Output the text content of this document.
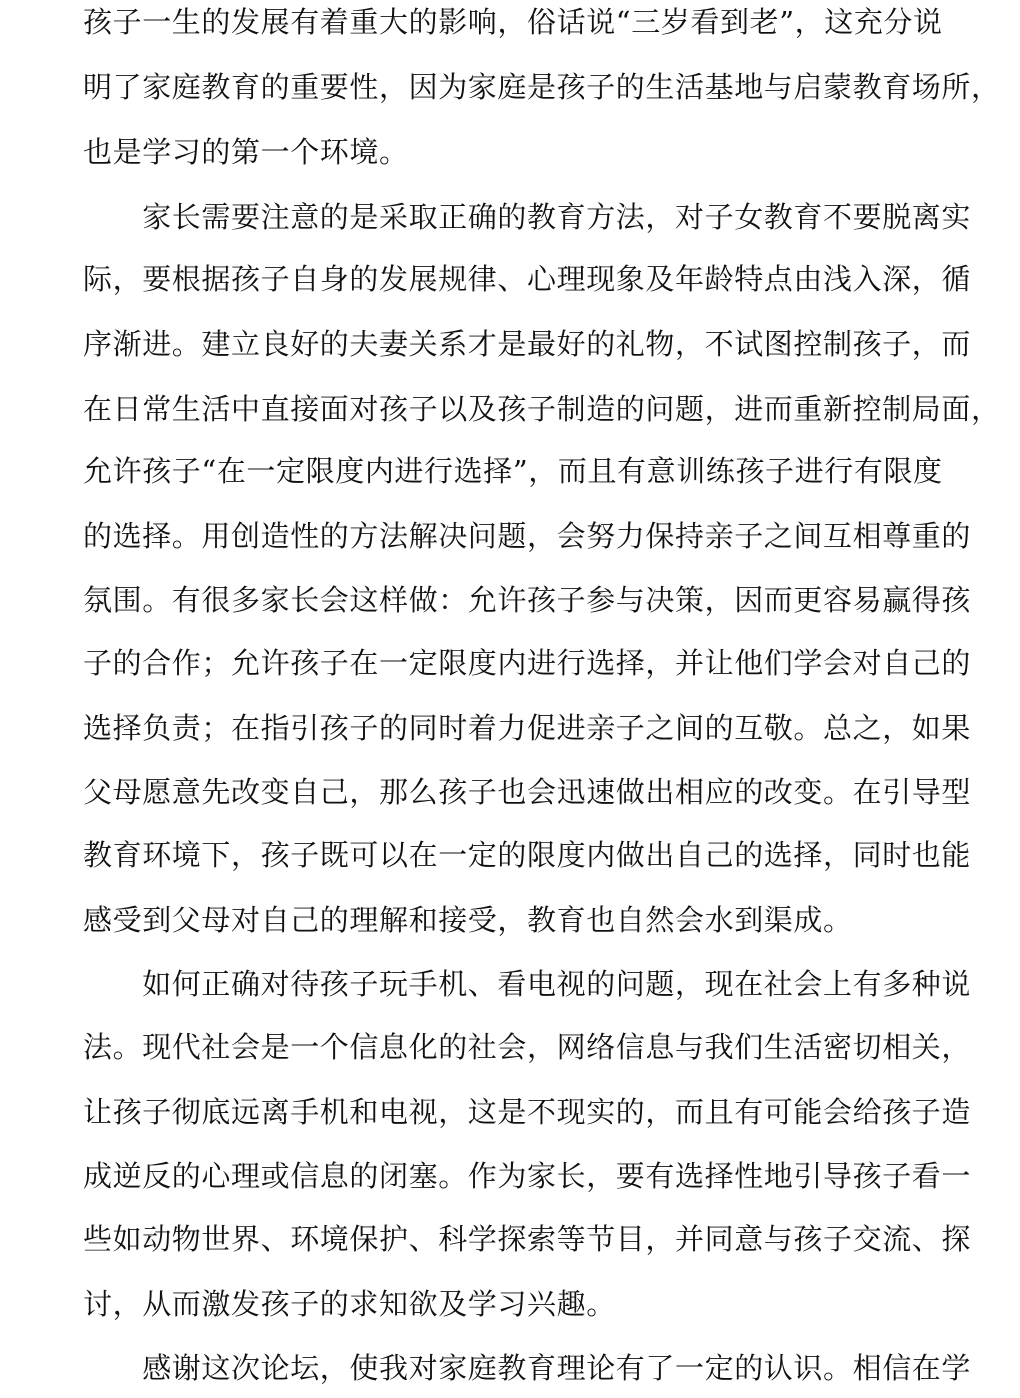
孩子一生的发展有着重大的影响，俗话说“三岁看到老”，这充分说
明了家庭教育的重要性，因为家庭是孩子的生活基地与启蒙教育场所，
也是学习的第一个环境。
　　家长需要注意的是采取正确的教育方法，对子女教育不要脱离实
际，要根据孩子自身的发展规律、心理现象及年龄特点由浅入深，循
序渐进。建立良好的夫妻关系才是最好的礼物，不试图控制孩子，而
在日常生活中直接面对孩子以及孩子制造的问题，进而重新控制局面，
允许孩子“在一定限度内进行选择”，而且有意训练孩子进行有限度
的选择。用创造性的方法解决问题，会努力保持亲子之间互相尊重的
氛围。有很多家长会这样做：允许孩子参与决策，因而更容易赢得孩
子的合作；允许孩子在一定限度内进行选择，并让他们学会对自己的
选择负责；在指引孩子的同时着力促进亲子之间的互敬。总之，如果
父母愿意先改变自己，那么孩子也会迅速做出相应的改变。在引导型
教育环境下，孩子既可以在一定的限度内做出自己的选择，同时也能
感受到父母对自己的理解和接受，教育也自然会水到渠成。
　　如何正确对待孩子玩手机、看电视的问题，现在社会上有多种说
法。现代社会是一个信息化的社会，网络信息与我们生活密切相关，
让孩子彻底远离手机和电视，这是不现实的，而且有可能会给孩子造
成逆反的心理或信息的闭塞。作为家长，要有选择性地引导孩子看一
些如动物世界、环境保护、科学探索等节目，并同意与孩子交流、探
讨，从而激发孩子的求知欲及学习兴趣。
　　感谢这次论坛，使我对家庭教育理论有了一定的认识。相信在学
